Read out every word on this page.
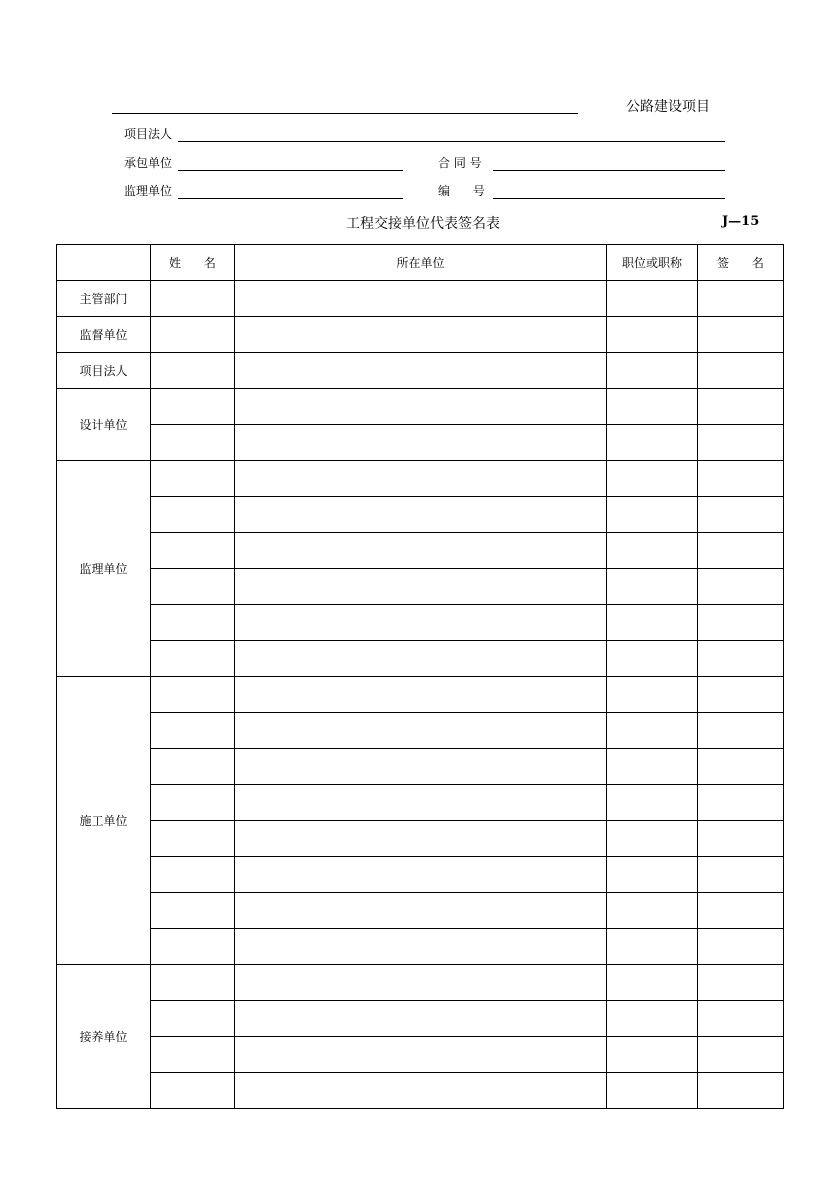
公路建设项目
项目法人
承包单位	合 同 号
监理单位	编      号
工程交接单位代表签名表	J—15
	姓      名	所在单位	职位或职称	签      名
主管部门				
监督单位				
项目法人				
设计单位				

监理单位				

施工单位				

接养单位				
